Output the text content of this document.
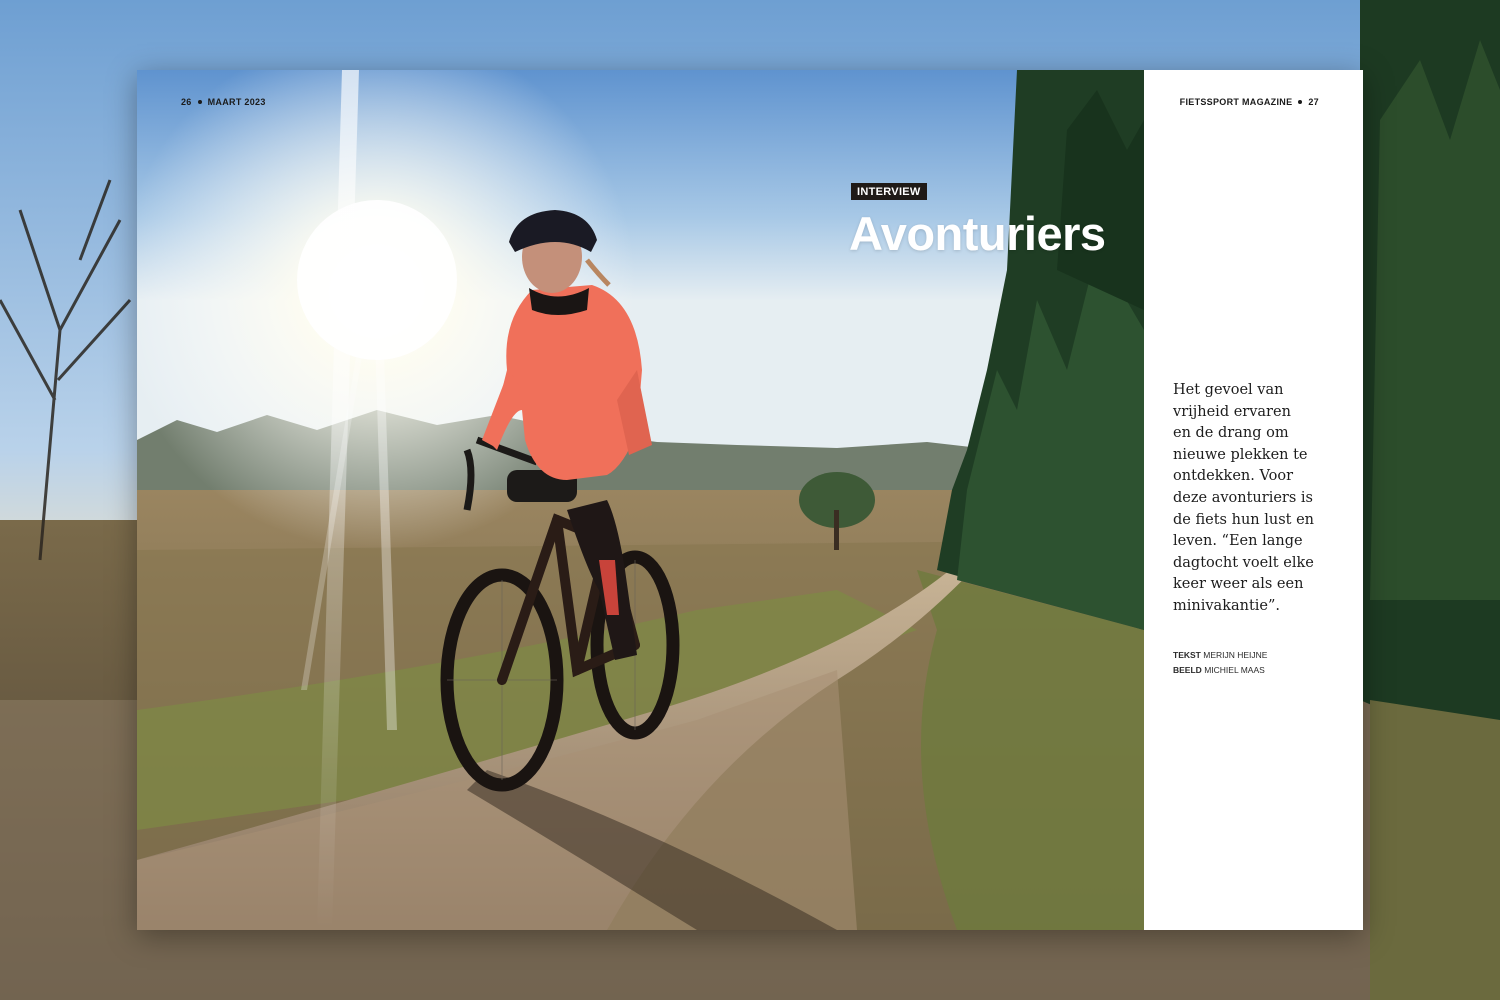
26 MAART 2023
INTERVIEW
Avonturiers
FIETSSPORT MAGAZINE 27
Het gevoel van
vrijheid ervaren
en de drang om
nieuwe plekken te
ontdekken. Voor
deze avonturiers is
de fiets hun lust en
leven. “Een lange
dagtocht voelt elke
keer weer als een
minivakantie”.
TEKST MERIJN HEIJNE
BEELD MICHIEL MAAS
